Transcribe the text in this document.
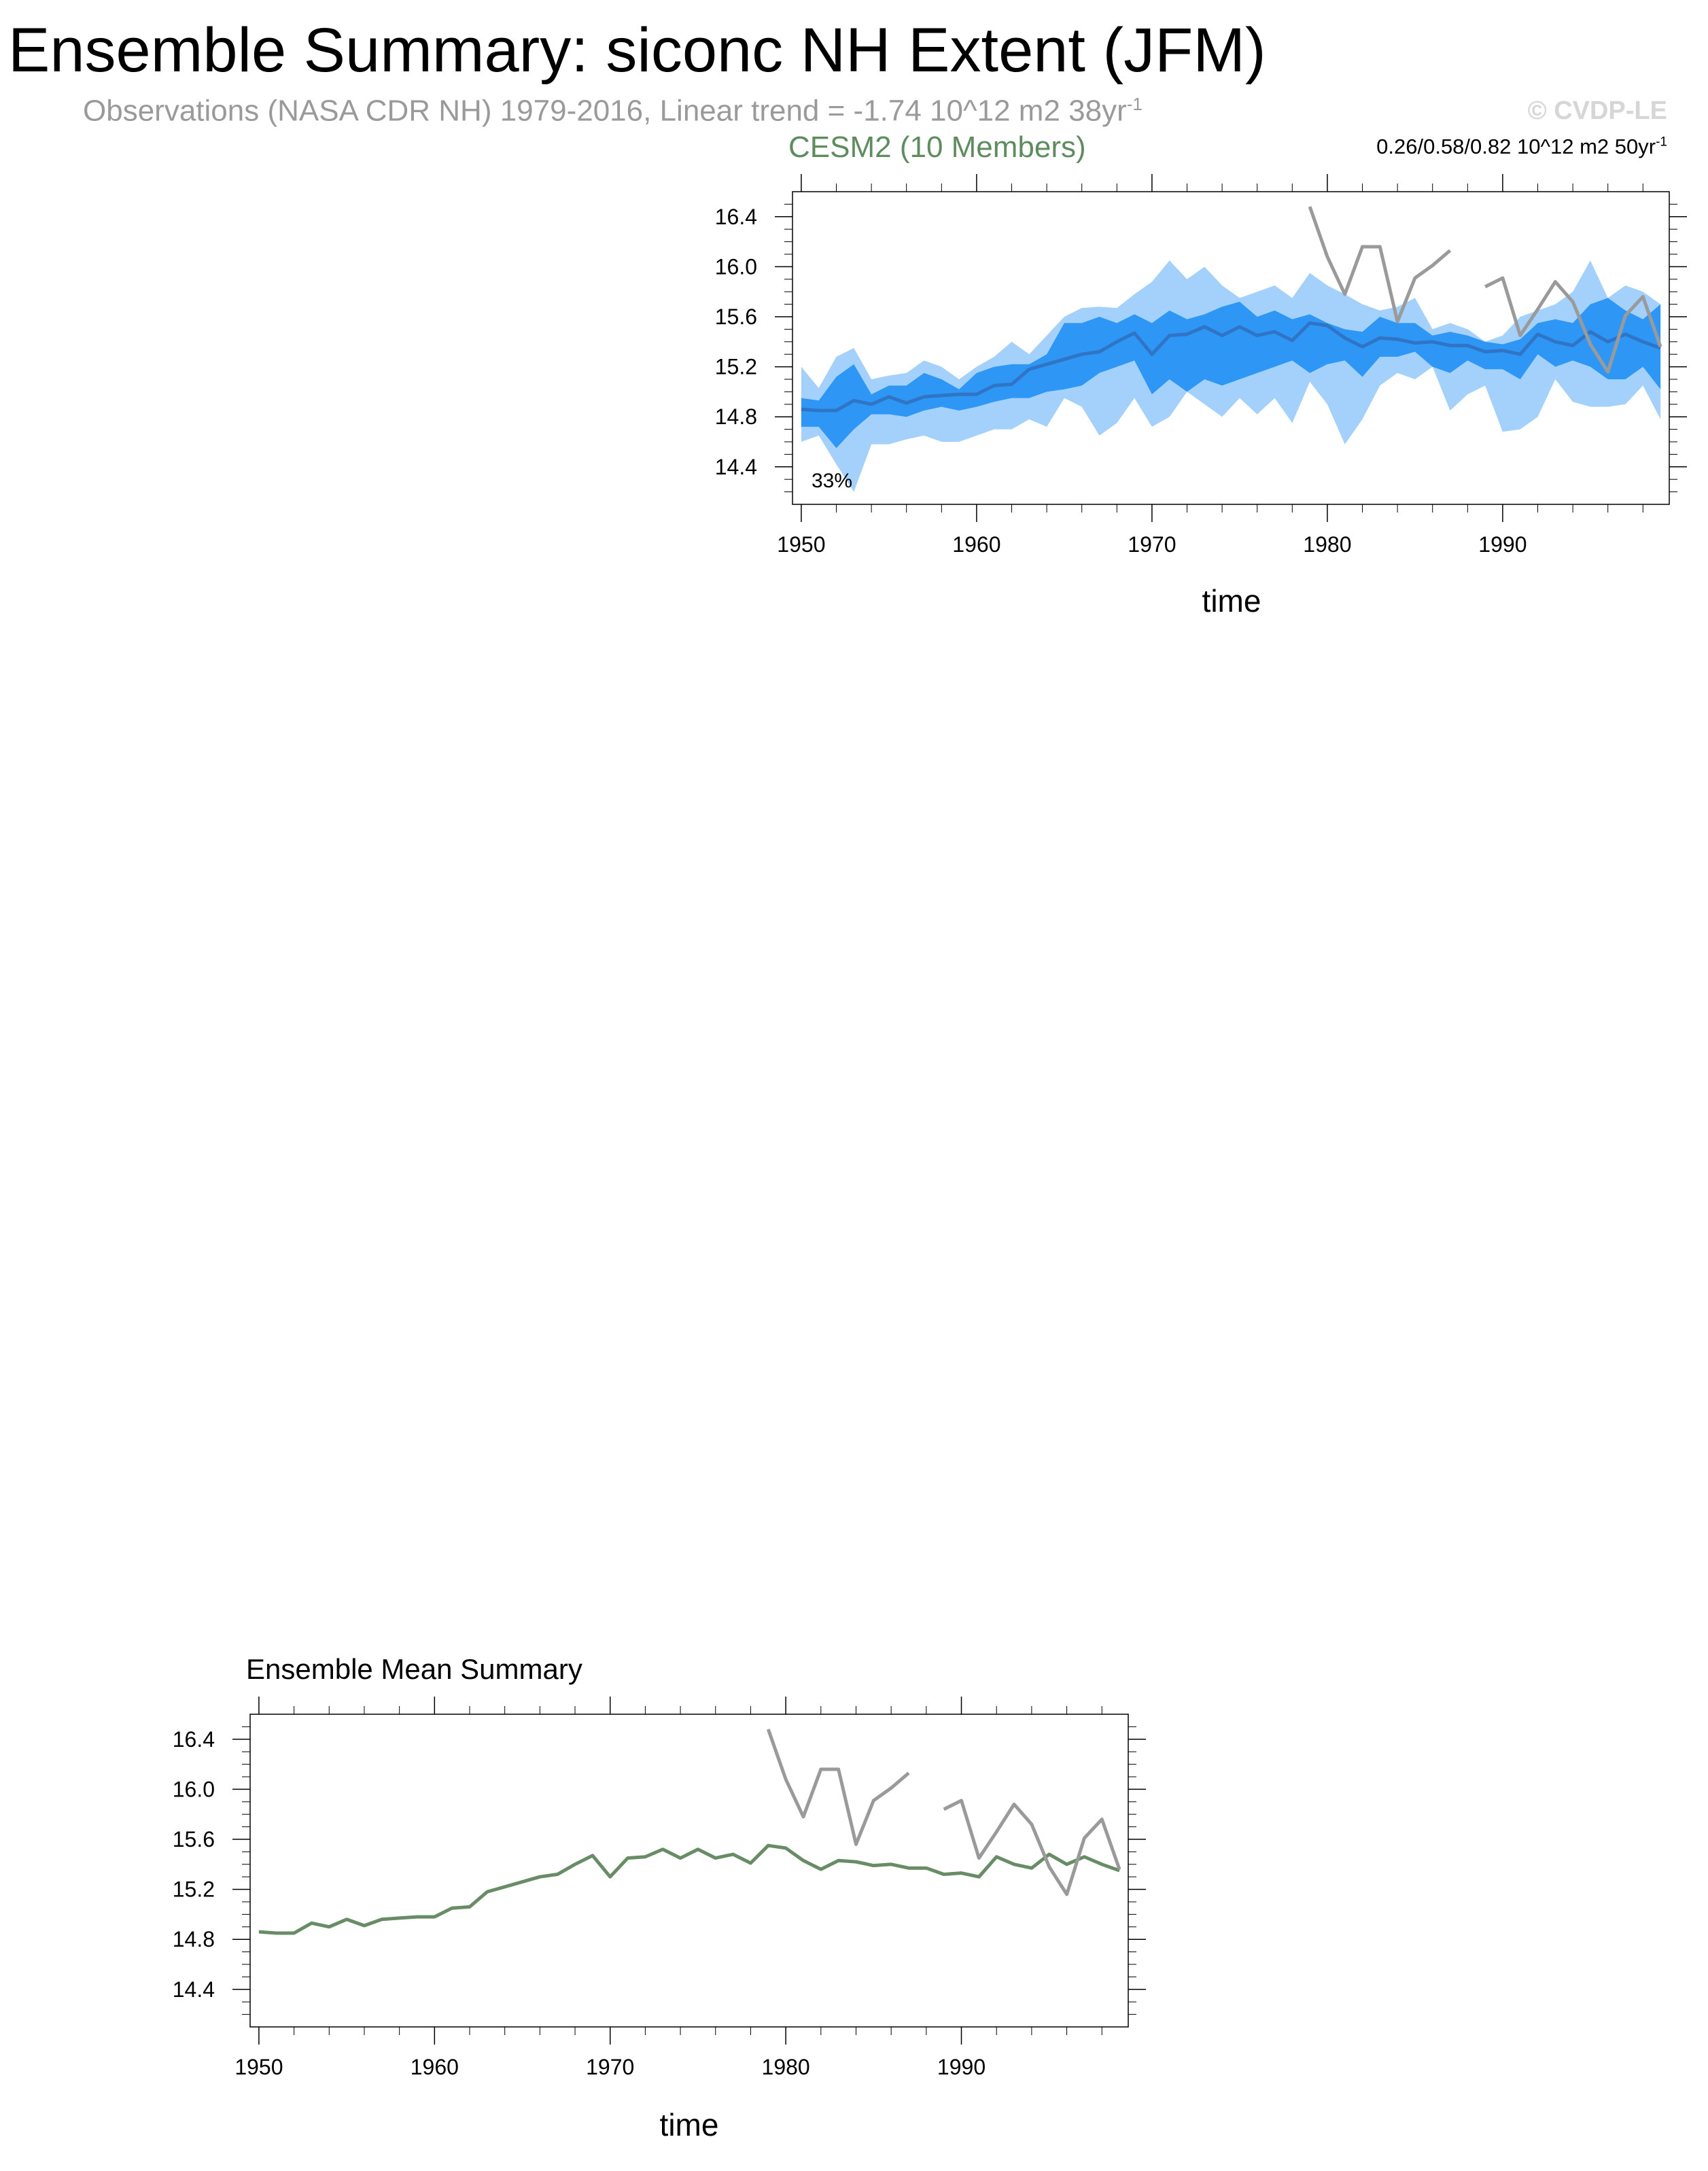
Ensemble Summary: siconc NH Extent (JFM)
Observations (NASA CDR NH) 1979-2016, Linear trend = -1.74 10^12 m2 $38yr^{-1}$	© CVDP-LE
CESM2 (10 Members)	0.26/0.58/0.82 10^12 m2 $50yr^{-1}$
Ensemble Mean Summary
1950	1960	1970	1980	1990
14.4
14.8
15.2
15.6
16.0
16.4
33%
time
1950	1960	1970	1980	1990
14.4
14.8
15.2
15.6
16.0
16.4
time
